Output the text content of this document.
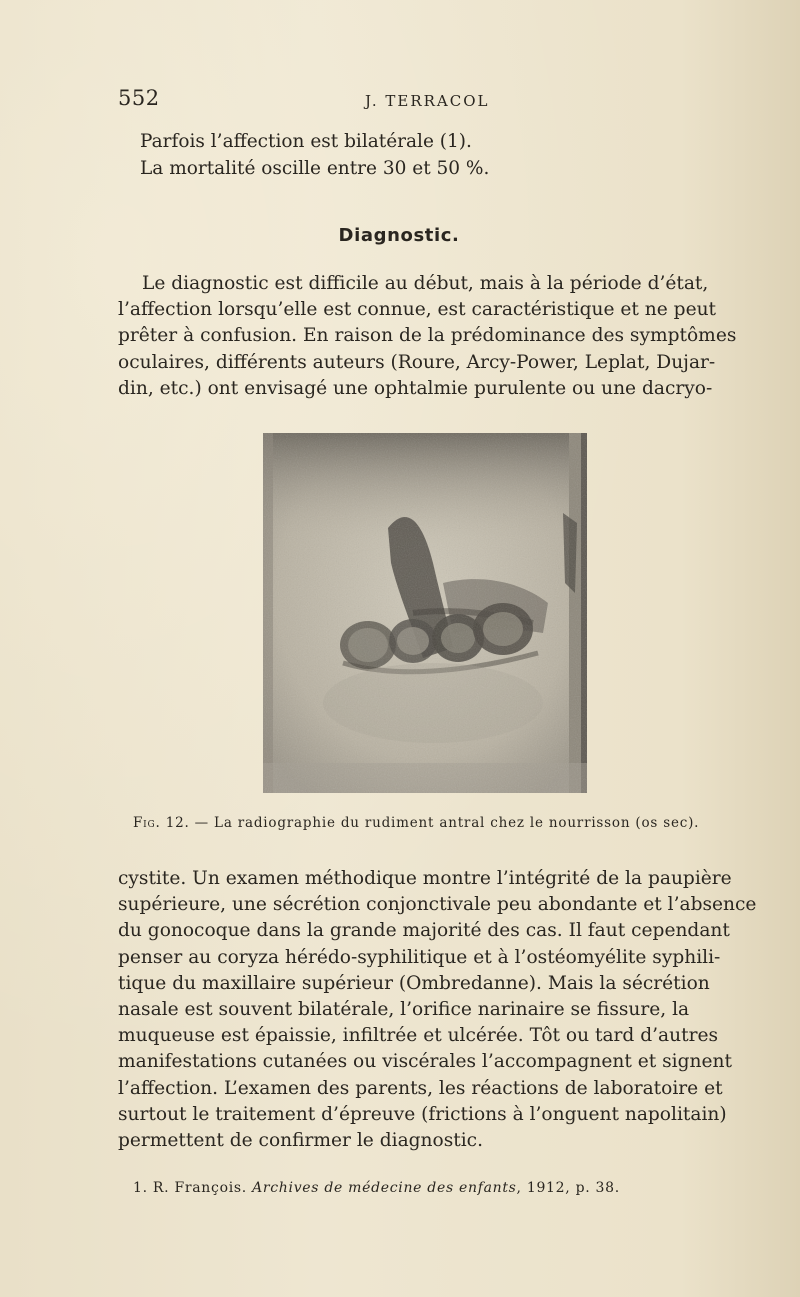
552	J. TERRACOL

Parfois l’affection est bilatérale (1).

La mortalité oscille entre 30 et 50 %.

Diagnostic.
Le diagnostic est difficile au début, mais à la période d’état,
l’affection lorsqu’elle est connue, est caractéristique et ne peut
prêter à confusion. En raison de la prédominance des symptômes
oculaires, différents auteurs (Roure, Arcy-Power, Leplat, Dujar-
din, etc.) ont envisagé une ophtalmie purulente ou une dacryo-
Fig. 12. — La radiographie du rudiment antral chez le nourrisson (os sec).
cystite. Un examen méthodique montre l’intégrité de la paupière
supérieure, une sécrétion conjonctivale peu abondante et l’absence
du gonocoque dans la grande majorité des cas. Il faut cependant
penser au coryza hérédo-syphilitique et à l’ostéomyélite syphili-
tique du maxillaire supérieur (Ombredanne). Mais la sécrétion
nasale est souvent bilatérale, l’orifice narinaire se fissure, la
muqueuse est épaissie, infiltrée et ulcérée. Tôt ou tard d’autres
manifestations cutanées ou viscérales l’accompagnent et signent
l’affection. L’examen des parents, les réactions de laboratoire et
surtout le traitement d’épreuve (frictions à l’onguent napolitain)
permettent de confirmer le diagnostic.
1. R. François. Archives de médecine des enfants, 1912, p. 38.
